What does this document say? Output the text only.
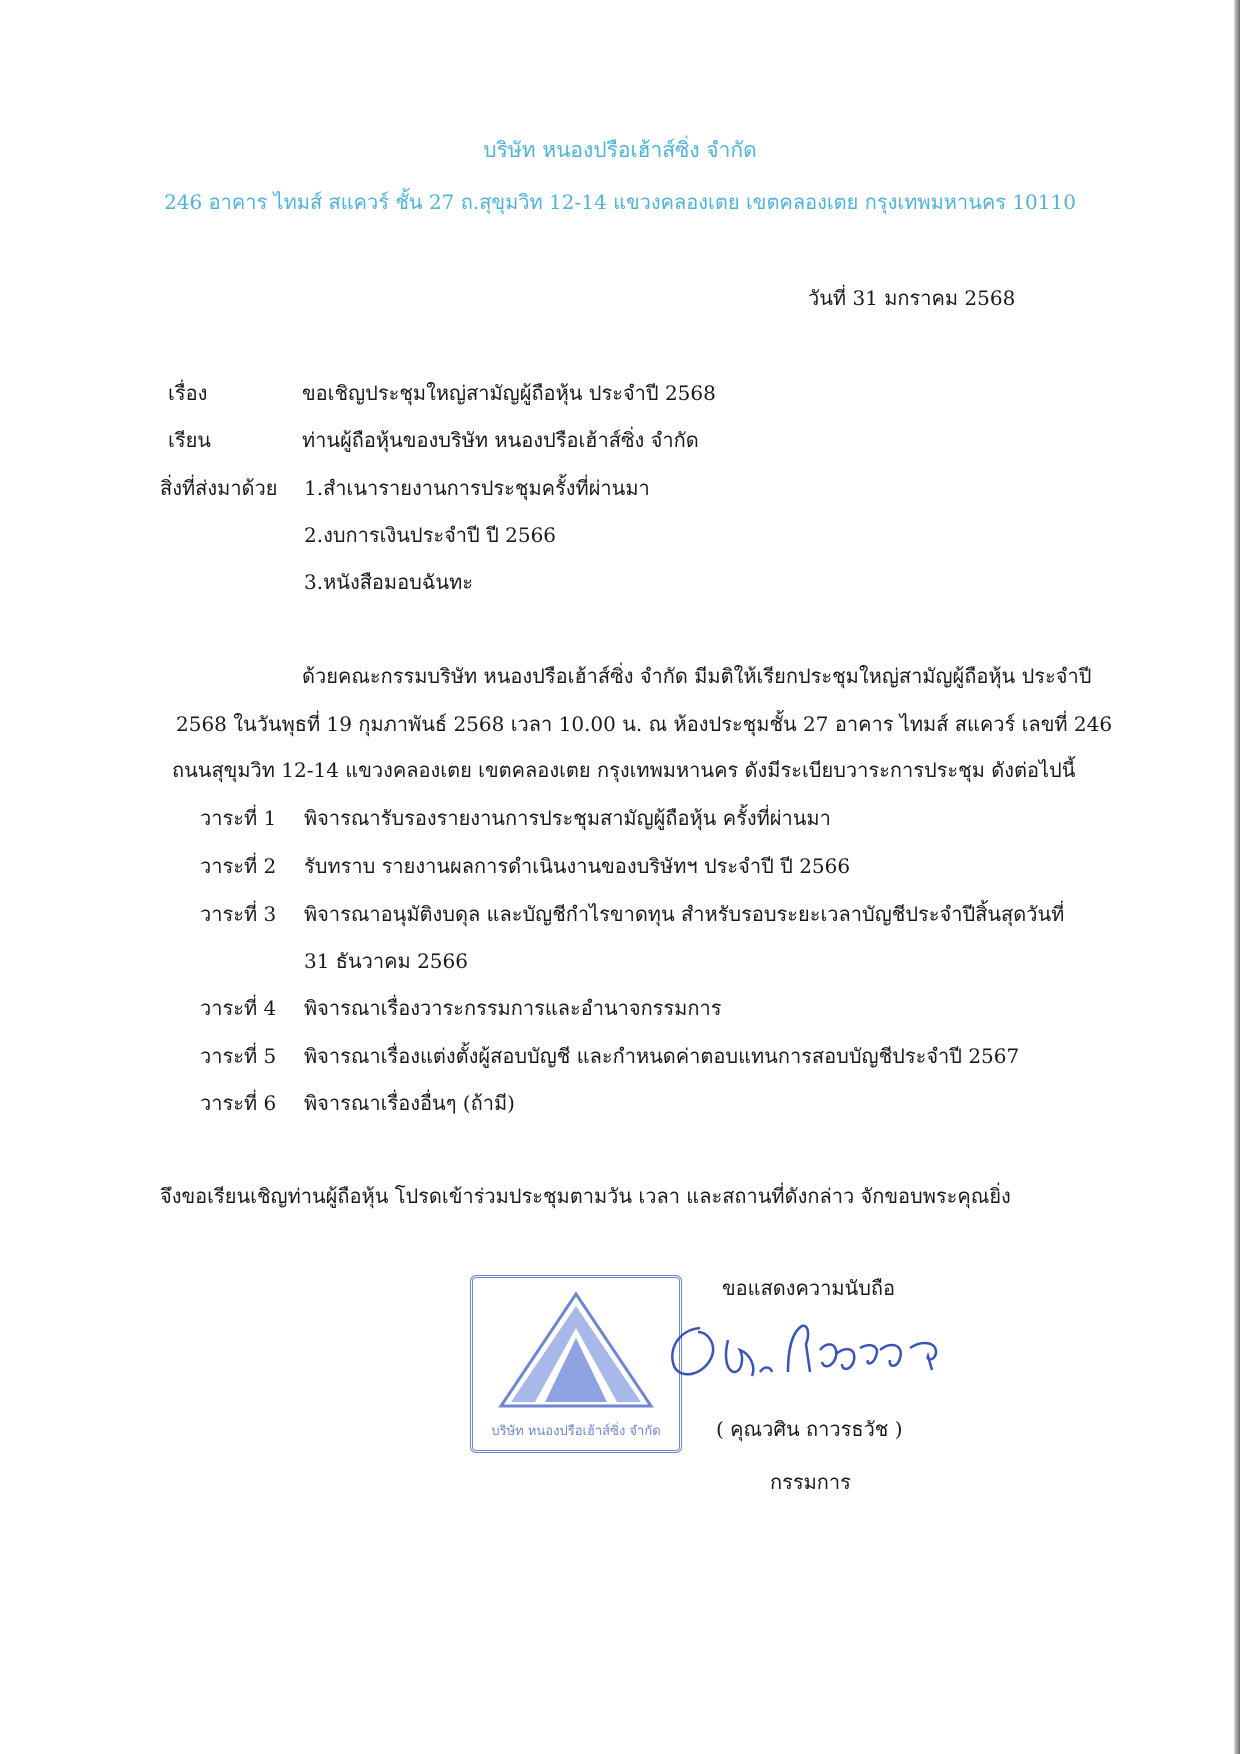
บริษัท หนองปรือเฮ้าส์ซิ่ง จำกัด
246 อาคาร ไทมส์ สแควร์ ชั้น 27 ถ.สุขุมวิท 12-14 แขวงคลองเตย เขตคลองเตย กรุงเทพมหานคร 10110
วันที่ 31 มกราคม 2568
เรื่อง	ขอเชิญประชุมใหญ่สามัญผู้ถือหุ้น ประจำปี 2568
เรียน	ท่านผู้ถือหุ้นของบริษัท หนองปรือเฮ้าส์ซิ่ง จำกัด
สิ่งที่ส่งมาด้วย 1.สำเนารายงานการประชุมครั้งที่ผ่านมา
2.งบการเงินประจำปี ปี 2566
3.หนังสือมอบฉันทะ
ด้วยคณะกรรมบริษัท หนองปรือเฮ้าส์ซิ่ง จำกัด มีมติให้เรียกประชุมใหญ่สามัญผู้ถือหุ้น ประจำปี
2568 ในวันพุธที่ 19 กุมภาพันธ์ 2568 เวลา 10.00 น. ณ ห้องประชุมชั้น 27 อาคาร ไทมส์ สแควร์ เลขที่ 246
ถนนสุขุมวิท 12-14 แขวงคลองเตย เขตคลองเตย กรุงเทพมหานคร ดังมีระเบียบวาระการประชุม ดังต่อไปนี้
วาระที่ 1 พิจารณารับรองรายงานการประชุมสามัญผู้ถือหุ้น ครั้งที่ผ่านมา
วาระที่ 2 รับทราบ รายงานผลการดำเนินงานของบริษัทฯ ประจำปี ปี 2566
วาระที่ 3 พิจารณาอนุมัติงบดุล และบัญชีกำไรขาดทุน สำหรับรอบระยะเวลาบัญชีประจำปีสิ้นสุดวันที่
31 ธันวาคม 2566
วาระที่ 4 พิจารณาเรื่องวาระกรรมการและอำนาจกรรมการ
วาระที่ 5 พิจารณาเรื่องแต่งตั้งผู้สอบบัญชี และกำหนดค่าตอบแทนการสอบบัญชีประจำปี 2567
วาระที่ 6 พิจารณาเรื่องอื่นๆ (ถ้ามี)
จึงขอเรียนเชิญท่านผู้ถือหุ้น โปรดเข้าร่วมประชุมตามวัน เวลา และสถานที่ดังกล่าว จักขอบพระคุณยิ่ง
บริษัท หนองปรือเฮ้าส์ซิ่ง จำกัด
ขอแสดงความนับถือ
( คุณวศิน ถาวรธวัช )
กรรมการ
